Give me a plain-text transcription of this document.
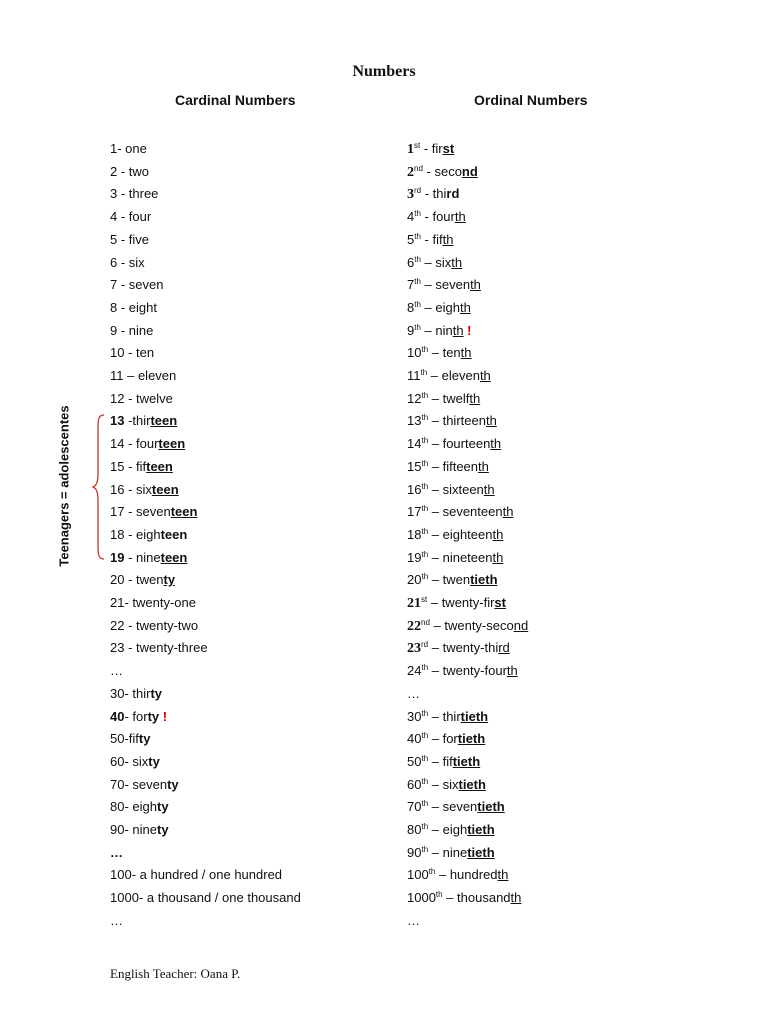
Numbers
Cardinal Numbers	Ordinal Numbers
1- one
2 - two
3 - three
4 - four
5 - five
6 - six
7 - seven
8 - eight
9 - nine
10 - ten
11 – eleven
12 - twelve
13 -thirteen
14 - fourteen
15 - fifteen
16 - sixteen
17 - seventeen
18 - eighteen
19 - nineteen
20 - twenty
21- twenty-one
22 - twenty-two
23 - twenty-three
…
30- thirty
40- forty !
50-fifty
60- sixty
70- seventy
80- eighty
90- ninety
…
100- a hundred / one hundred
1000- a thousand / one thousand
…
1st - first
2nd - second
3rd - third
4th - fourth
5th - fifth
6th – sixth
7th – seventh
8th – eighth
9th – ninth !
10th – tenth
11th – eleventh
12th – twelfth
13th – thirteenth
14th – fourteenth
15th – fifteenth
16th – sixteenth
17th – seventeenth
18th – eighteenth
19th – nineteenth
20th – twentieth
21st – twenty-first
22nd – twenty-second
23rd – twenty-third
24th – twenty-fourth
…
30th – thirtieth
40th – fortieth
50th – fiftieth
60th – sixtieth
70th – seventieth
80th – eightieth
90th – ninetieth
100th – hundredth
1000th – thousandth
…
Teenagers = adolescentes
English Teacher: Oana P.
